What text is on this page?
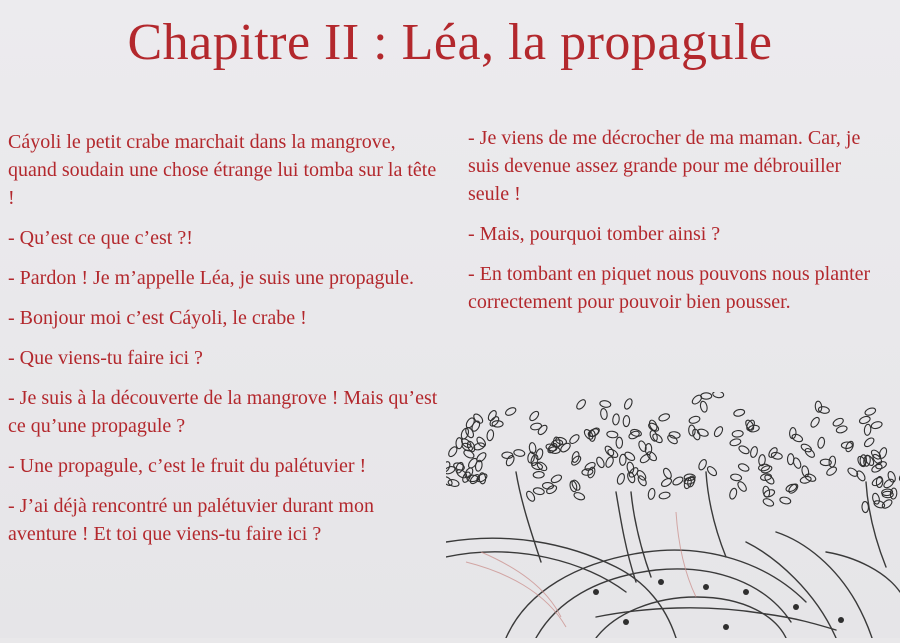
Chapitre II : Léa, la propagule

Cáyoli le petit crabe marchait dans la mangrove, quand soudain une chose étrange lui tomba sur la tête !

- Qu’est ce que c’est ?!

- Pardon ! Je m’appelle Léa, je suis une propagule.

- Bonjour moi c’est Cáyoli, le crabe !

- Que viens-tu faire ici ?

- Je suis à la découverte de la mangrove ! Mais qu’est ce qu’une propagule ?

- Une propagule, c’est le fruit du palétuvier !

- J’ai déjà rencontré un palétuvier durant mon aventure ! Et toi que viens-tu faire ici ?

- Je viens de me décrocher de ma maman. Car, je suis devenue assez grande pour me débrouiller seule !

- Mais, pourquoi tomber ainsi ?

- En tombant en piquet nous pouvons nous planter correctement pour pouvoir bien pousser.
